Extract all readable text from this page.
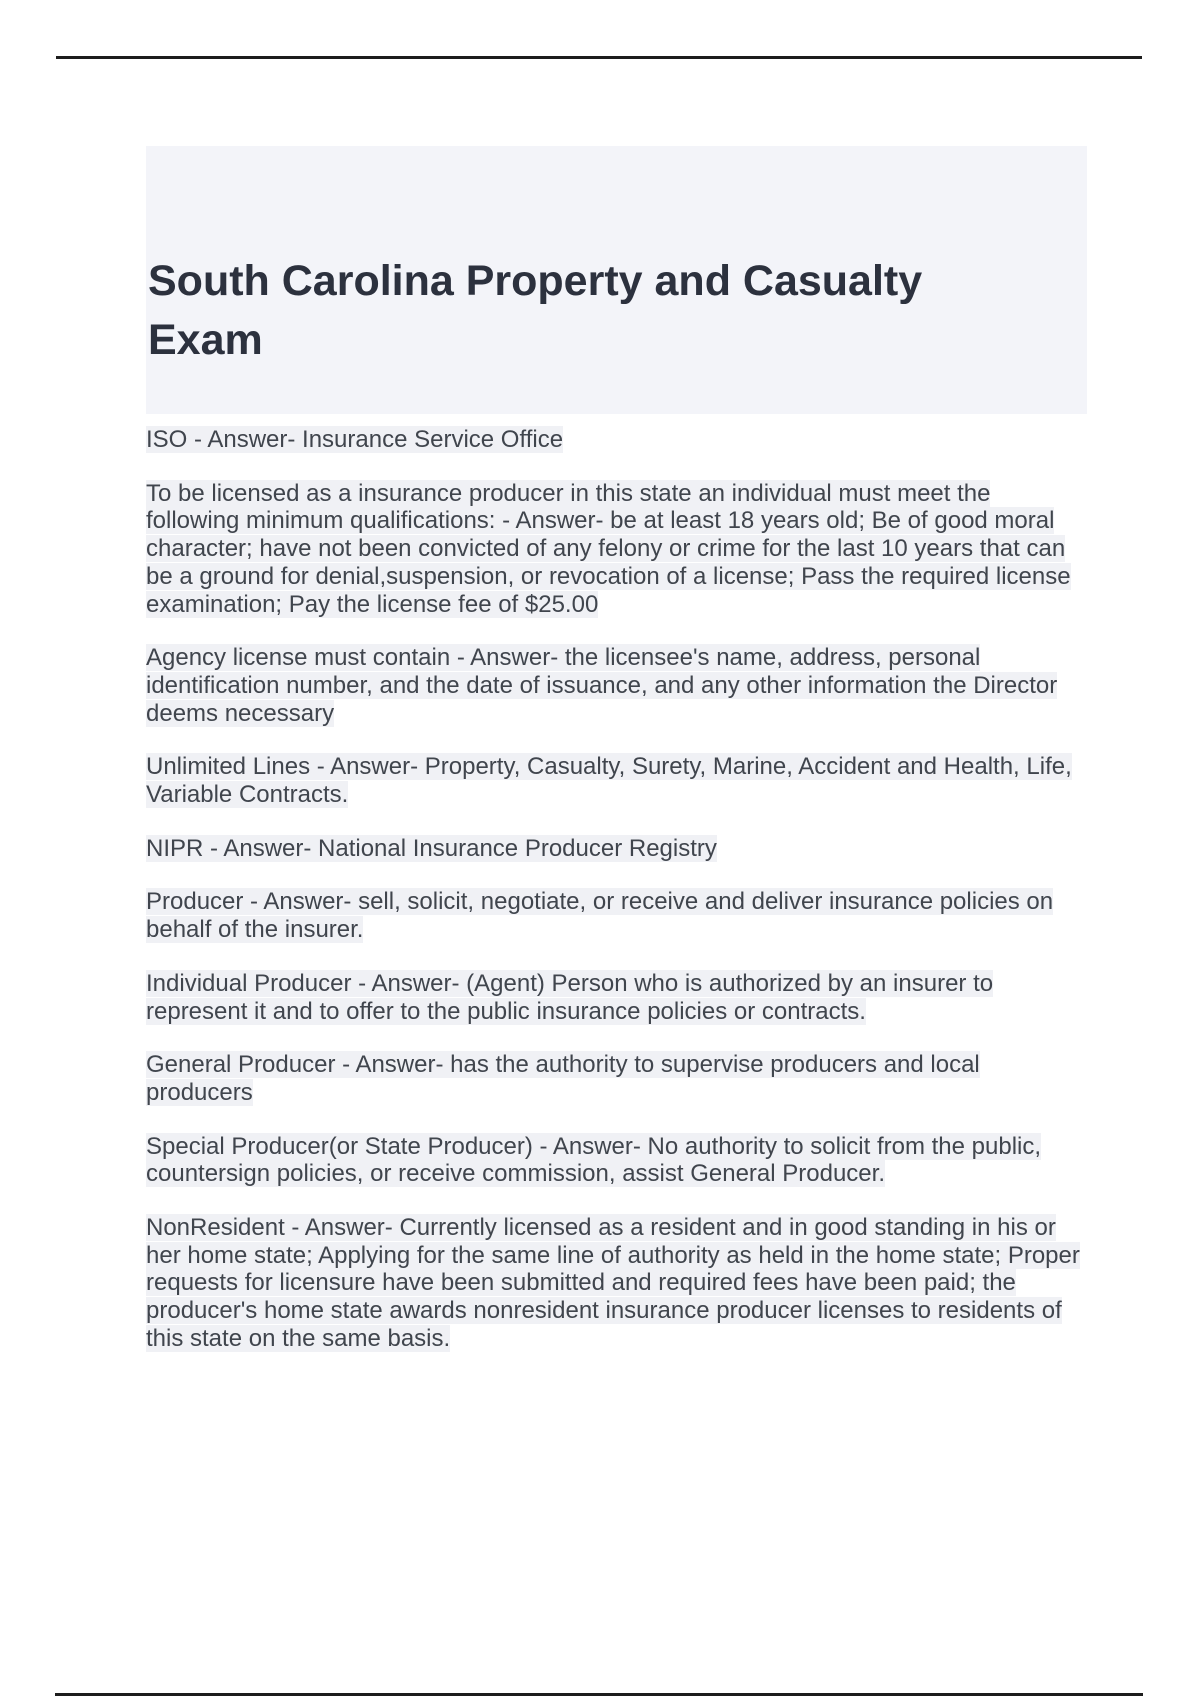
South Carolina Property and Casualty Exam

ISO - Answer- Insurance Service Office

To be licensed as a insurance producer in this state an individual must meet the following minimum qualifications: - Answer- be at least 18 years old; Be of good moral character; have not been convicted of any felony or crime for the last 10 years that can be a ground for denial,suspension, or revocation of a license; Pass the required license examination; Pay the license fee of $25.00

Agency license must contain - Answer- the licensee's name, address, personal identification number, and the date of issuance, and any other information the Director deems necessary

Unlimited Lines - Answer- Property, Casualty, Surety, Marine, Accident and Health, Life, Variable Contracts.

NIPR - Answer- National Insurance Producer Registry

Producer - Answer- sell, solicit, negotiate, or receive and deliver insurance policies on behalf of the insurer.

Individual Producer - Answer- (Agent) Person who is authorized by an insurer to represent it and to offer to the public insurance policies or contracts.

General Producer - Answer- has the authority to supervise producers and local producers

Special Producer(or State Producer) - Answer- No authority to solicit from the public, countersign policies, or receive commission, assist General Producer.

NonResident - Answer- Currently licensed as a resident and in good standing in his or her home state; Applying for the same line of authority as held in the home state; Proper requests for licensure have been submitted and required fees have been paid; the producer's home state awards nonresident insurance producer licenses to residents of this state on the same basis.
